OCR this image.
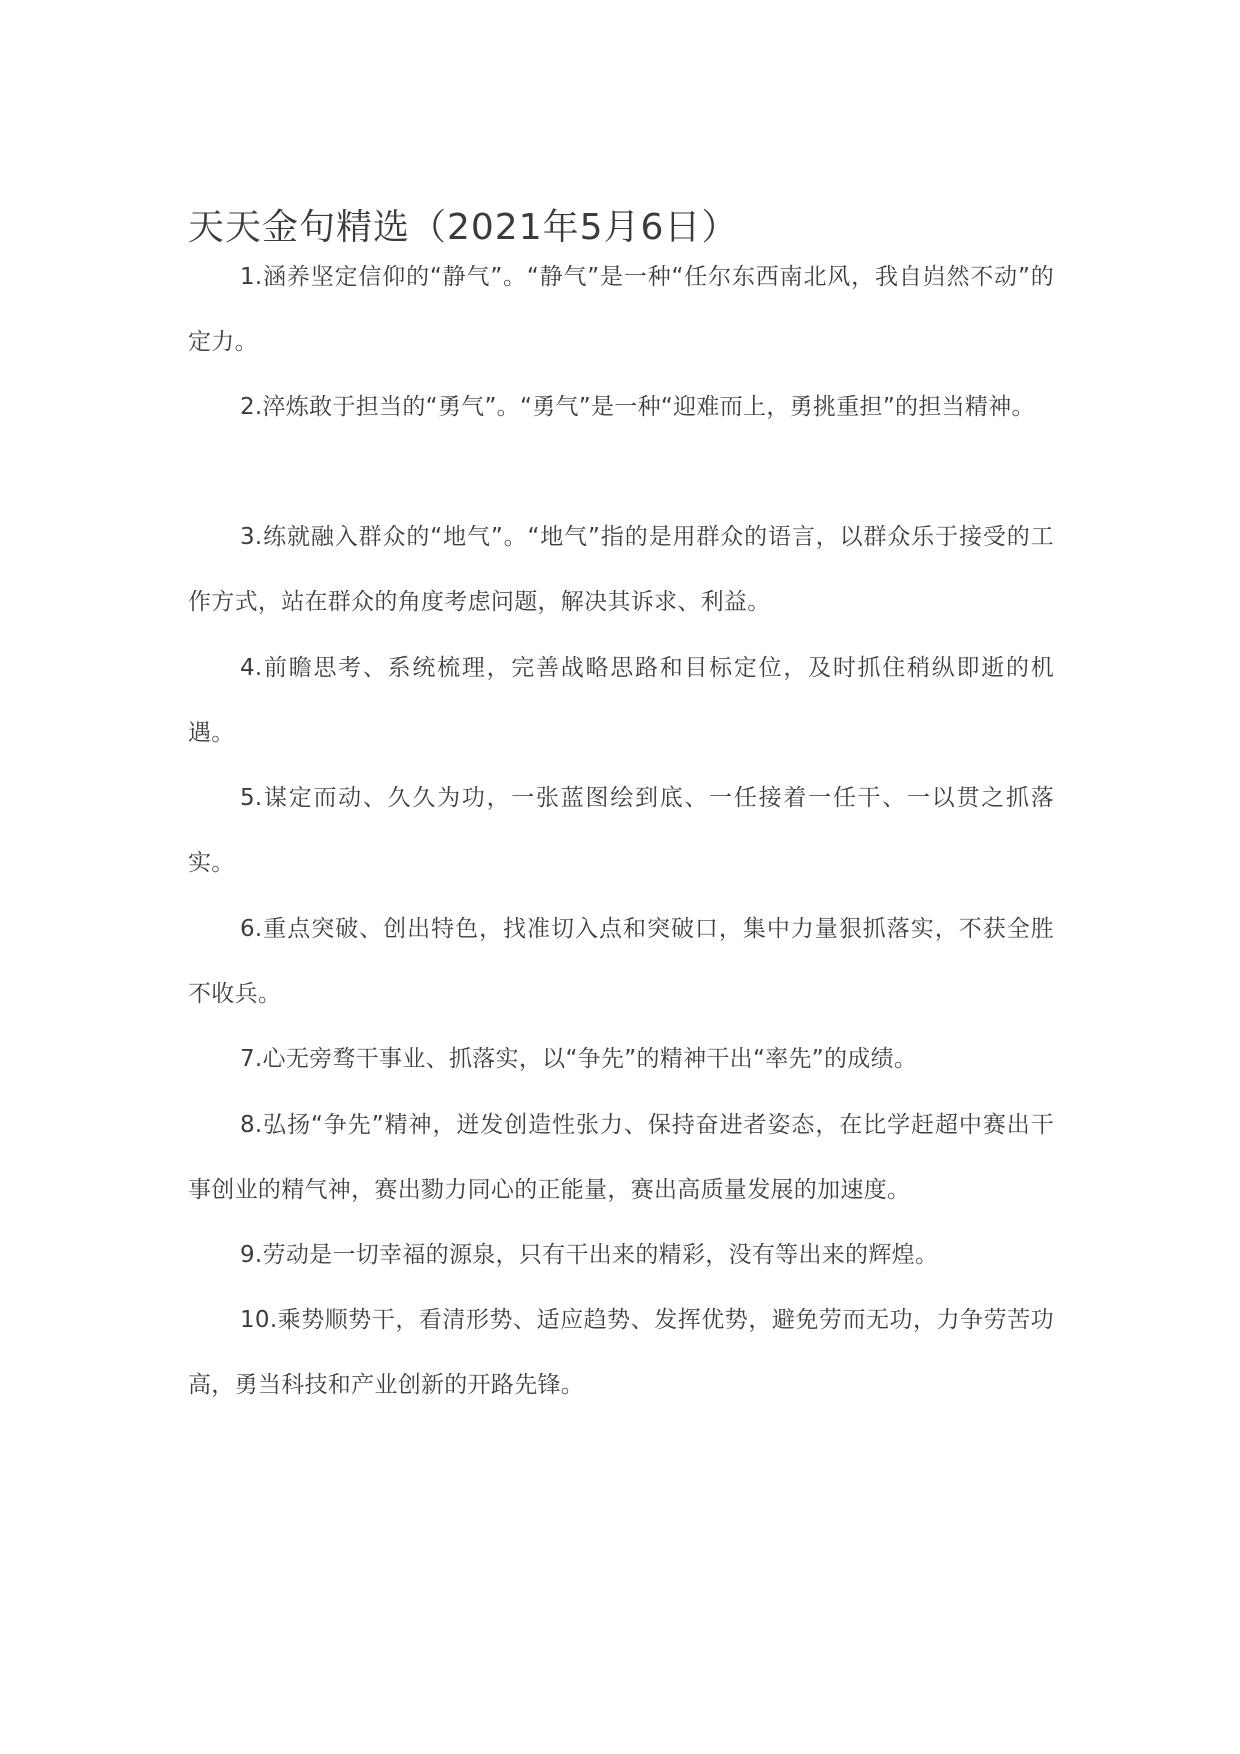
天天金句精选（2021年5月6日）

1.涵养坚定信仰的“静气”。“静气”是一种“任尔东西南北风，我自岿然不动”的定力。

2.淬炼敢于担当的“勇气”。“勇气”是一种“迎难而上，勇挑重担”的担当精神。

3.练就融入群众的“地气”。“地气”指的是用群众的语言，以群众乐于接受的工作方式，站在群众的角度考虑问题，解决其诉求、利益。

4.前瞻思考、系统梳理，完善战略思路和目标定位，及时抓住稍纵即逝的机遇。

5.谋定而动、久久为功，一张蓝图绘到底、一任接着一任干、一以贯之抓落实。

6.重点突破、创出特色，找准切入点和突破口，集中力量狠抓落实，不获全胜不收兵。

7.心无旁骛干事业、抓落实，以“争先”的精神干出“率先”的成绩。

8.弘扬“争先”精神，迸发创造性张力、保持奋进者姿态，在比学赶超中赛出干事创业的精气神，赛出勠力同心的正能量，赛出高质量发展的加速度。

9.劳动是一切幸福的源泉，只有干出来的精彩，没有等出来的辉煌。

10.乘势顺势干，看清形势、适应趋势、发挥优势，避免劳而无功，力争劳苦功高，勇当科技和产业创新的开路先锋。
